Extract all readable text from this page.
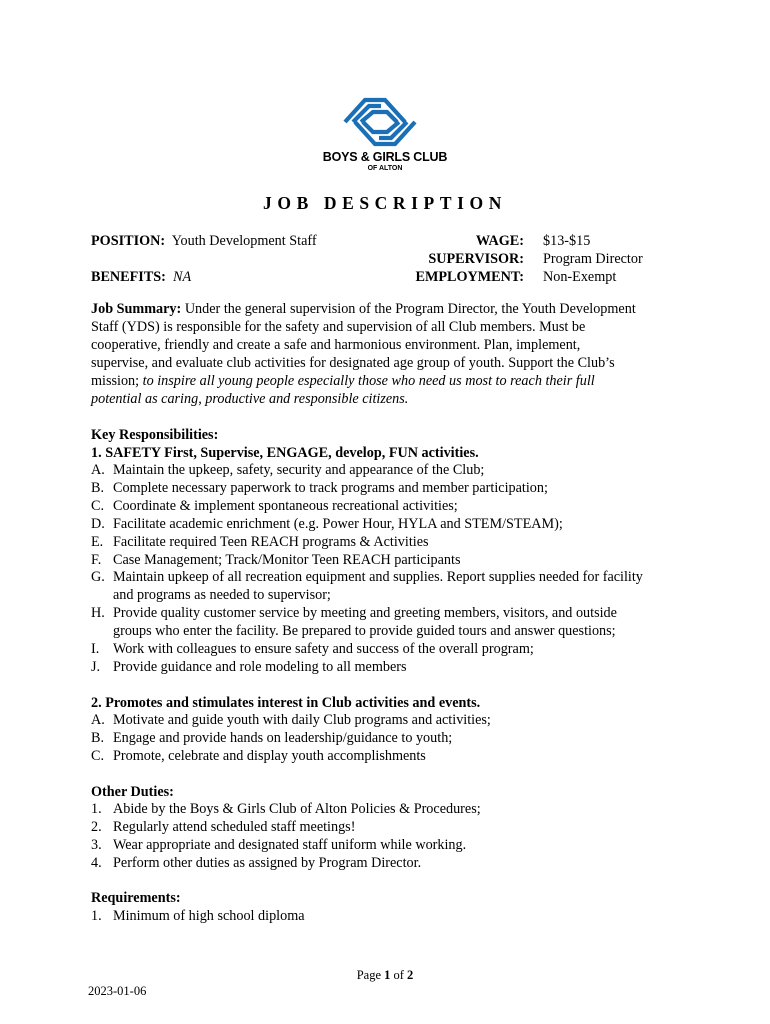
BOYS & GIRLS CLUB
OF ALTON
JOB DESCRIPTION
POSITION: Youth Development Staff
BENEFITS: NA
WAGE: $13-$15
SUPERVISOR: Program Director
EMPLOYMENT: Non-Exempt
Job Summary: Under the general supervision of the Program Director, the Youth Development
Staff (YDS) is responsible for the safety and supervision of all Club members. Must be
cooperative, friendly and create a safe and harmonious environment. Plan, implement,
supervise, and evaluate club activities for designated age group of youth. Support the Club’s
mission; to inspire all young people especially those who need us most to reach their full
potential as caring, productive and responsible citizens.
Key Responsibilities:
1. SAFETY First, Supervise, ENGAGE, develop, FUN activities.
A. Maintain the upkeep, safety, security and appearance of the Club;
B. Complete necessary paperwork to track programs and member participation;
C. Coordinate & implement spontaneous recreational activities;
D. Facilitate academic enrichment (e.g. Power Hour, HYLA and STEM/STEAM);
E. Facilitate required Teen REACH programs & Activities
F. Case Management; Track/Monitor Teen REACH participants
G. Maintain upkeep of all recreation equipment and supplies. Report supplies needed for facility
and programs as needed to supervisor;
H. Provide quality customer service by meeting and greeting members, visitors, and outside
groups who enter the facility. Be prepared to provide guided tours and answer questions;
I. Work with colleagues to ensure safety and success of the overall program;
J. Provide guidance and role modeling to all members
2. Promotes and stimulates interest in Club activities and events.
A. Motivate and guide youth with daily Club programs and activities;
B. Engage and provide hands on leadership/guidance to youth;
C. Promote, celebrate and display youth accomplishments
Other Duties:
1. Abide by the Boys & Girls Club of Alton Policies & Procedures;
2. Regularly attend scheduled staff meetings!
3. Wear appropriate and designated staff uniform while working.
4. Perform other duties as assigned by Program Director.
Requirements:
1. Minimum of high school diploma
Page 1 of 2
2023-01-06
